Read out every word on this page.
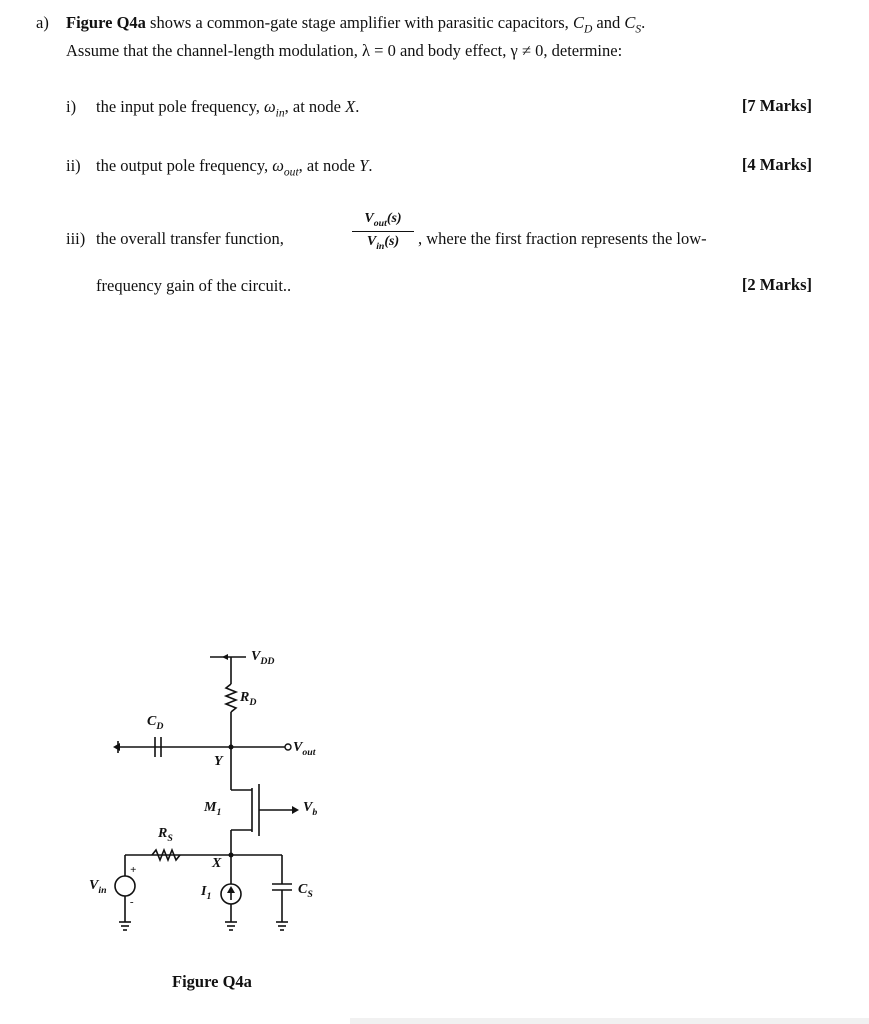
a) Figure Q4a shows a common-gate stage amplifier with parasitic capacitors, $C_D$ and $C_S$.
Assume that the channel-length modulation, λ = 0 and body effect, γ ≠ 0, determine:
i) the input pole frequency, $\omega_{in}$, at node X.	[7 Marks]
ii) the output pole frequency, $\omega_{out}$, at node Y.	[4 Marks]
iii) the overall transfer function,
$V_{out}(s)$
$V_{in}(s)$	, where the first fraction represents the low-
frequency gain of the circuit..	[2 Marks]
$V_{DD}$
$R_D$
$C_D$
Y
$V_{out}$
$M_1$	$V_b$
$R_S$
X
$V_{in}$	$I_1$	$C_S$
+
-
Figure Q4a
